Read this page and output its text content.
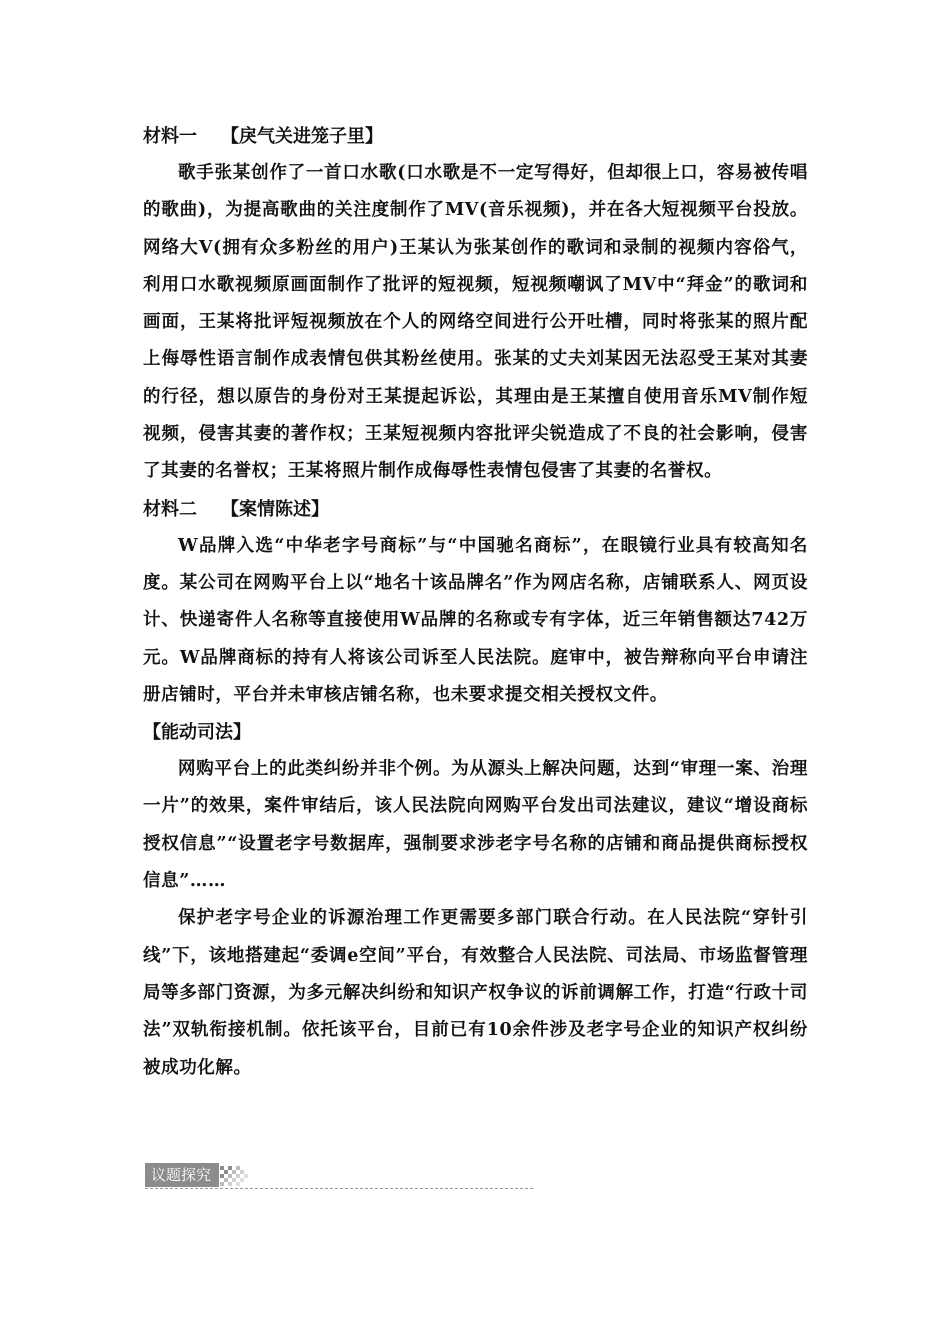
材料一 【戾气关进笼子里】

歌手张某创作了一首口水歌(口水歌是不一定写得好，但却很上口，容易被传唱的歌曲)，为提高歌曲的关注度制作了MV(音乐视频)，并在各大短视频平台投放。网络大V(拥有众多粉丝的用户)王某认为张某创作的歌词和录制的视频内容俗气，利用口水歌视频原画面制作了批评的短视频，短视频嘲讽了MV中“拜金”的歌词和画面，王某将批评短视频放在个人的网络空间进行公开吐槽，同时将张某的照片配上侮辱性语言制作成表情包供其粉丝使用。张某的丈夫刘某因无法忍受王某对其妻的行径，想以原告的身份对王某提起诉讼，其理由是王某擅自使用音乐MV制作短视频，侵害其妻的著作权；王某短视频内容批评尖锐造成了不良的社会影响，侵害了其妻的名誉权；王某将照片制作成侮辱性表情包侵害了其妻的名誉权。

材料二 【案情陈述】

W品牌入选“中华老字号商标”与“中国驰名商标”，在眼镜行业具有较高知名度。某公司在网购平台上以“地名十该品牌名”作为网店名称，店铺联系人、网页设计、快递寄件人名称等直接使用W品牌的名称或专有字体，近三年销售额达742万元。W品牌商标的持有人将该公司诉至人民法院。庭审中，被告辩称向平台申请注册店铺时，平台并未审核店铺名称，也未要求提交相关授权文件。

【能动司法】

网购平台上的此类纠纷并非个例。为从源头上解决问题，达到“审理一案、治理一片”的效果，案件审结后，该人民法院向网购平台发出司法建议，建议“增设商标授权信息”“设置老字号数据库，强制要求涉老字号名称的店铺和商品提供商标授权信息”……

保护老字号企业的诉源治理工作更需要多部门联合行动。在人民法院“穿针引线”下，该地搭建起“委调e空间”平台，有效整合人民法院、司法局、市场监督管理局等多部门资源，为多元解决纠纷和知识产权争议的诉前调解工作，打造“行政十司法”双轨衔接机制。依托该平台，目前已有10余件涉及老字号企业的知识产权纠纷被成功化解。

议题探究
